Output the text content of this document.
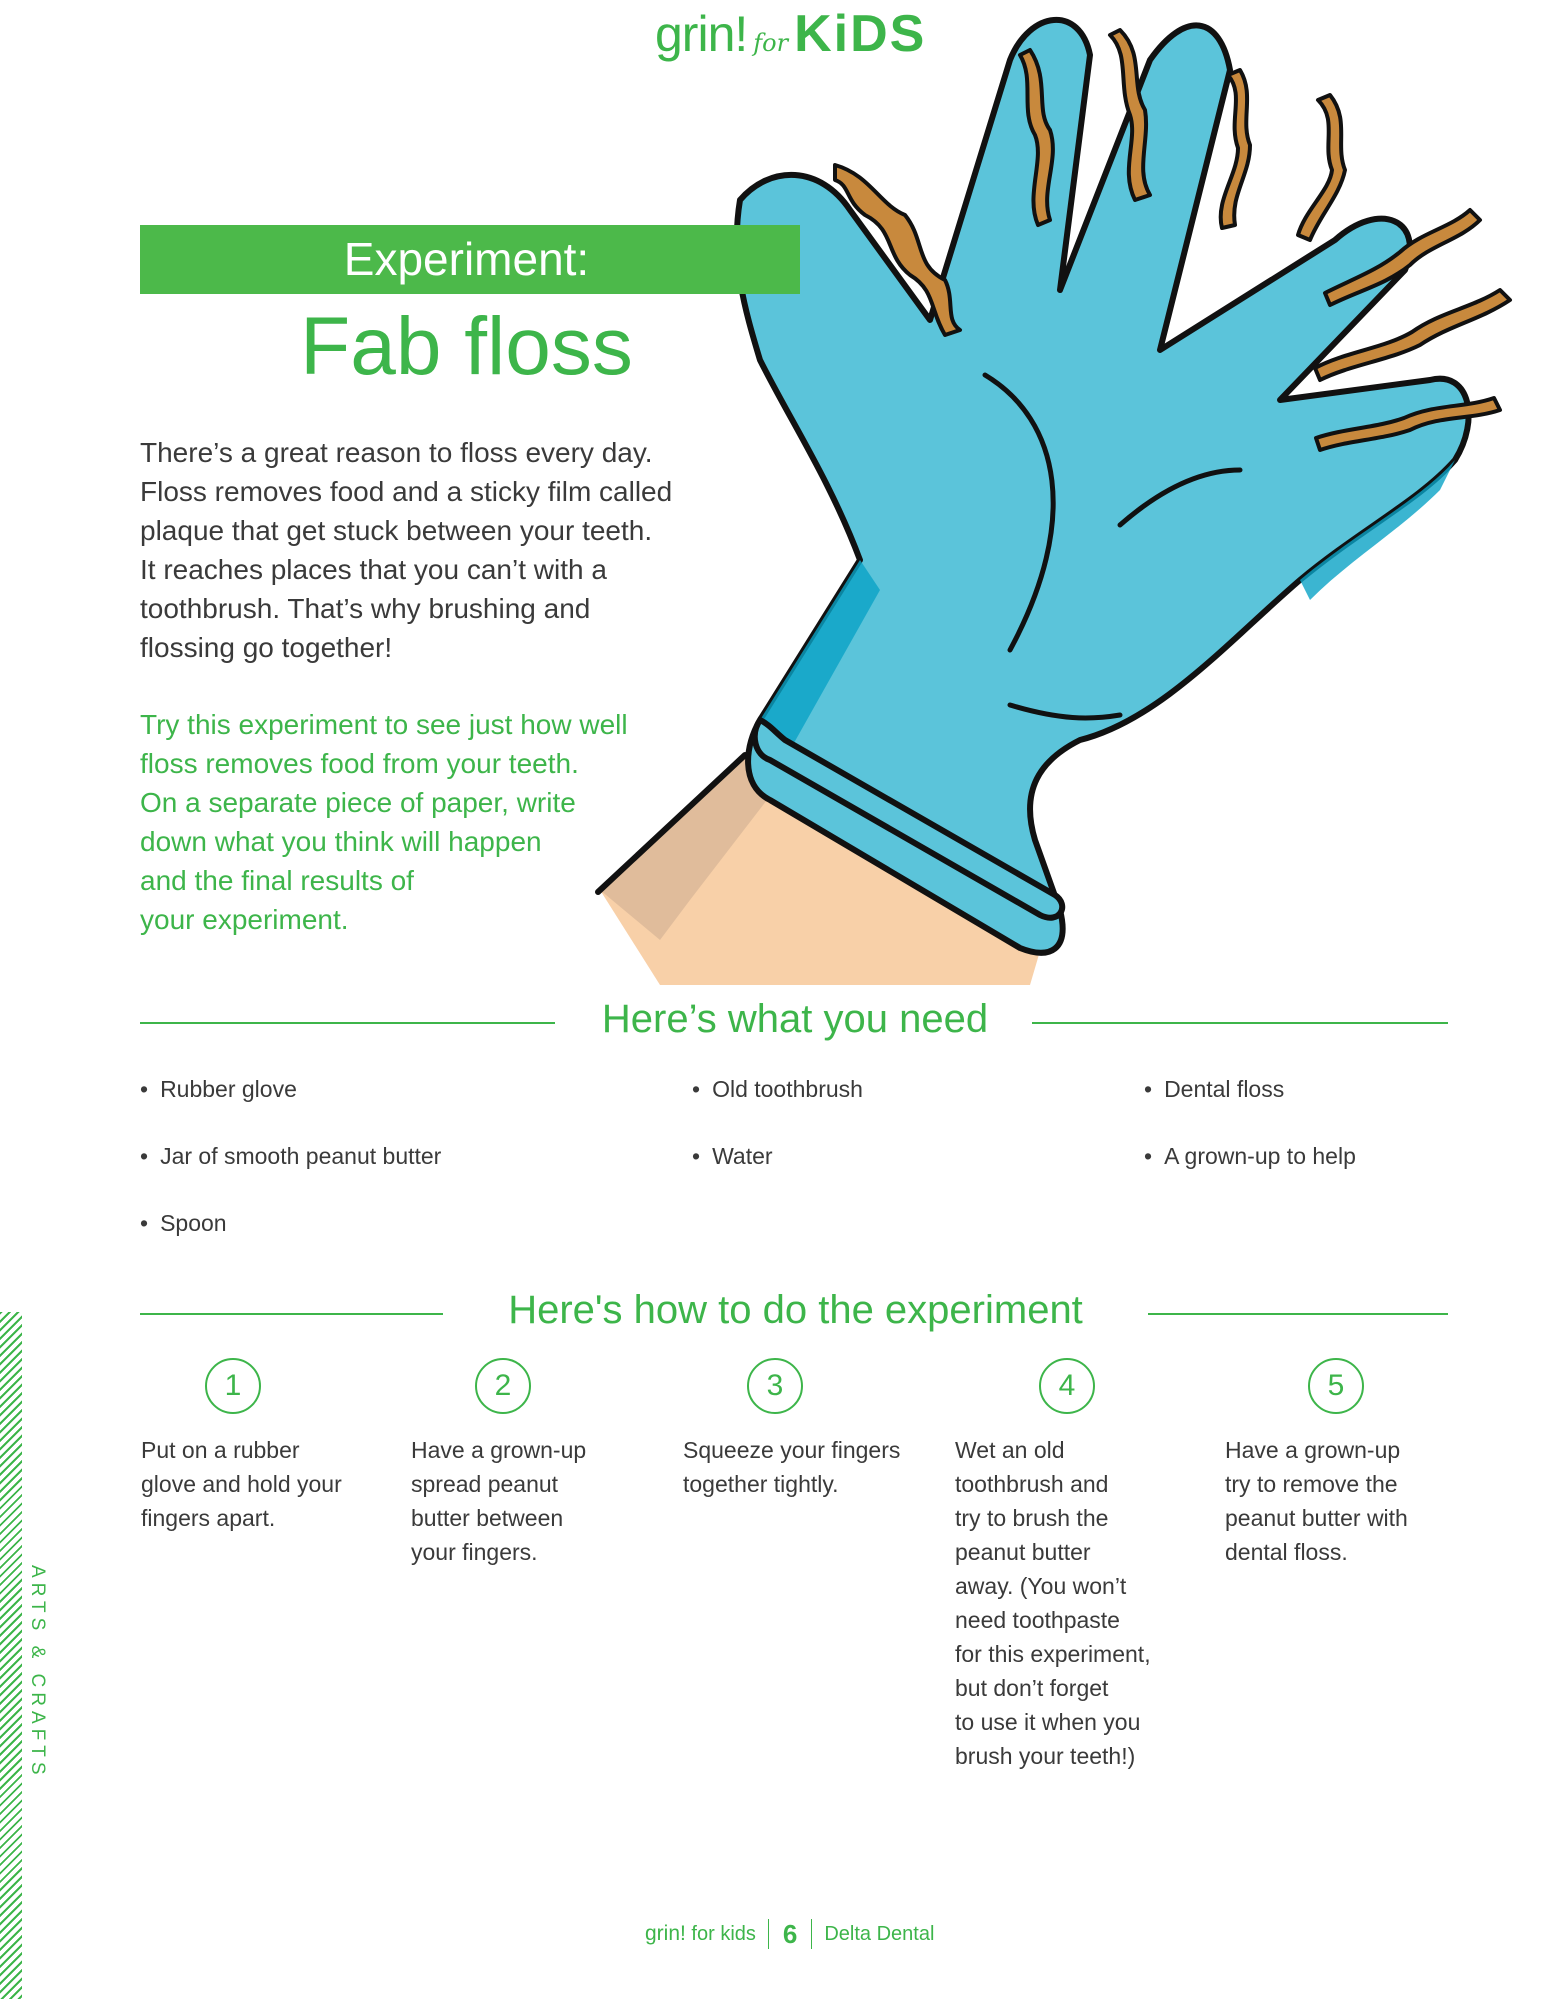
grin! for KiDS
Experiment:
Fab floss
There’s a great reason to floss every day.
Floss removes food and a sticky film called
plaque that get stuck between your teeth.
It reaches places that you can’t with a
toothbrush. That’s why brushing and
flossing go together!
Try this experiment to see just how well
floss removes food from your teeth.
On a separate piece of paper, write
down what you think will happen
and the final results of
your experiment.
Here’s what you need
• Rubber glove
• Jar of smooth peanut butter
• Spoon
• Old toothbrush
• Water
• Dental floss
• A grown-up to help
Here's how to do the experiment
1
Put on a rubber
glove and hold your
fingers apart.
2
Have a grown-up
spread peanut
butter between
your fingers.
3
Squeeze your fingers
together tightly.
4
Wet an old
toothbrush and
try to brush the
peanut butter
away. (You won’t
need toothpaste
for this experiment,
but don’t forget
to use it when you
brush your teeth!)
5
Have a grown-up
try to remove the
peanut butter with
dental floss.
ARTS & CRAFTS
grin!
for kids 6 Delta Dental
